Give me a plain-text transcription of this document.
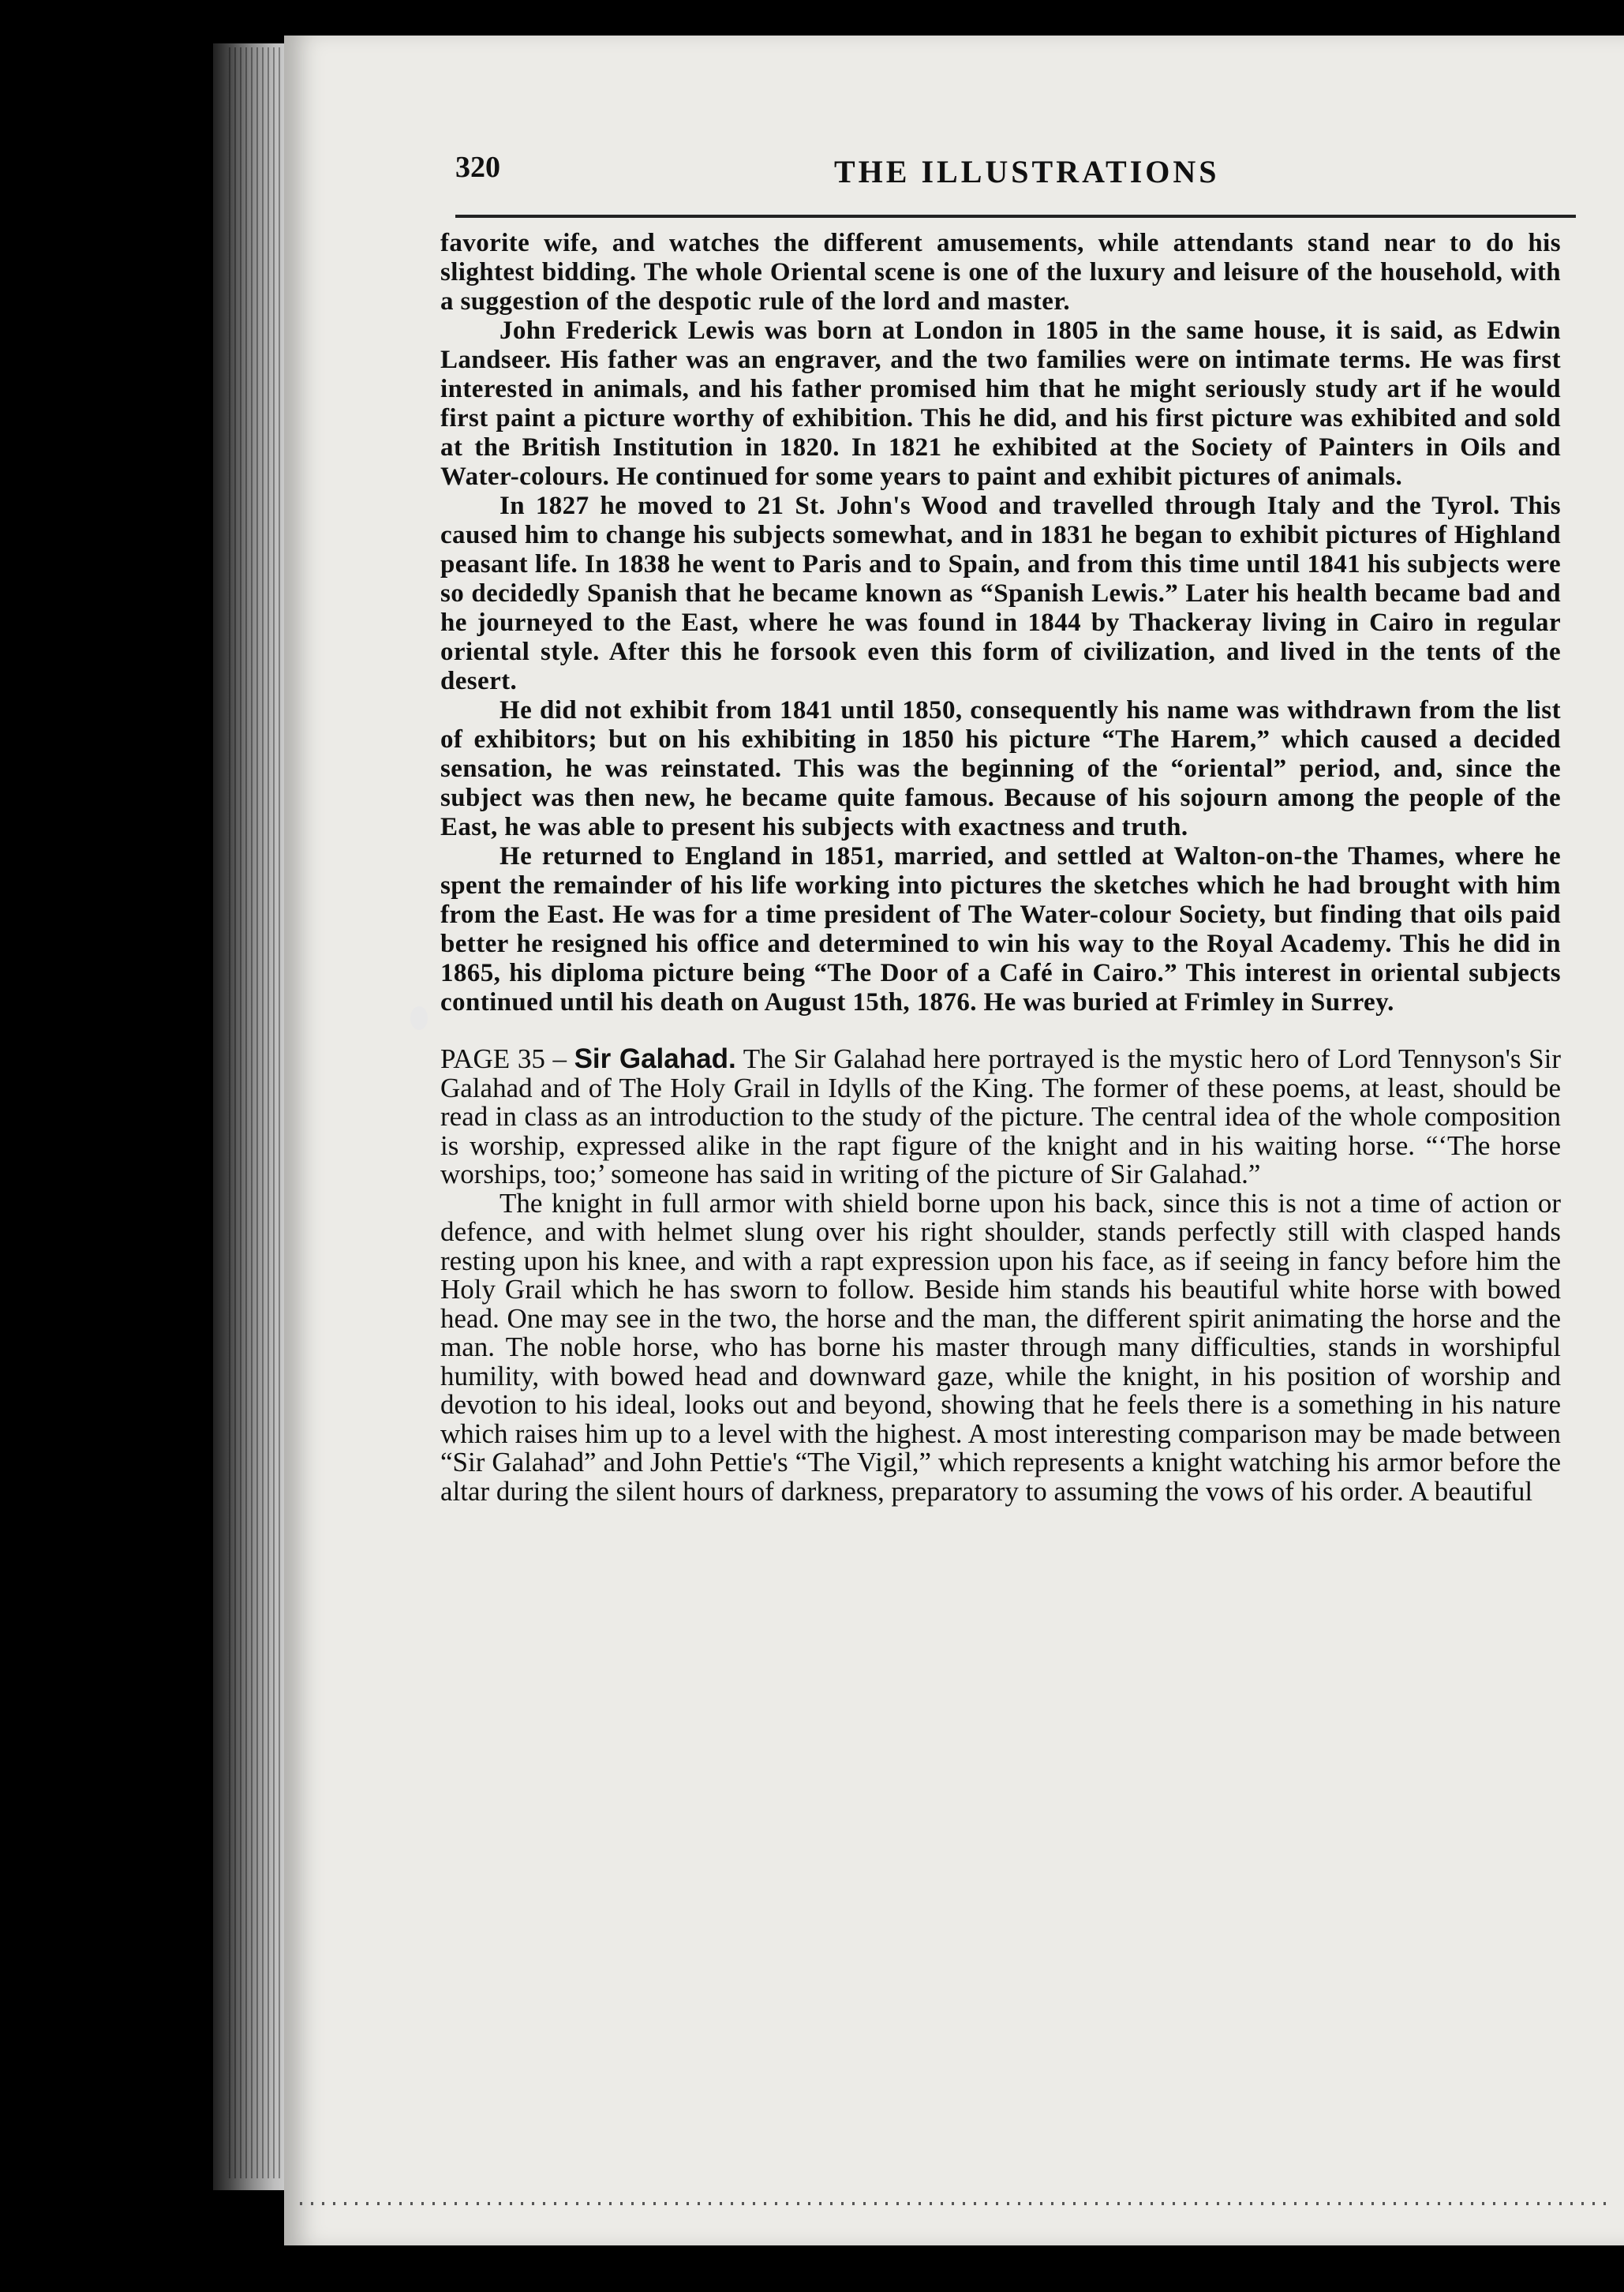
320	THE ILLUSTRATIONS

favorite wife, and watches the different amusements, while attendants stand near to do his slightest bidding. The whole Oriental scene is one of the luxury and leisure of the household, with a suggestion of the despotic rule of the lord and master.

John Frederick Lewis was born at London in 1805 in the same house, it is said, as Edwin Landseer. His father was an engraver, and the two families were on intimate terms. He was first interested in animals, and his father promised him that he might seriously study art if he would first paint a picture worthy of exhibition. This he did, and his first picture was exhibited and sold at the British Institution in 1820. In 1821 he exhibited at the Society of Painters in Oils and Water-colours. He continued for some years to paint and exhibit pictures of animals.

In 1827 he moved to 21 St. John's Wood and travelled through Italy and the Tyrol. This caused him to change his subjects somewhat, and in 1831 he began to exhibit pictures of Highland peasant life. In 1838 he went to Paris and to Spain, and from this time until 1841 his subjects were so decidedly Spanish that he became known as “Spanish Lewis.” Later his health became bad and he journeyed to the East, where he was found in 1844 by Thackeray living in Cairo in regular oriental style. After this he forsook even this form of civilization, and lived in the tents of the desert.

He did not exhibit from 1841 until 1850, consequently his name was withdrawn from the list of exhibitors; but on his exhibiting in 1850 his picture “The Harem,” which caused a decided sensation, he was reinstated. This was the beginning of the “oriental” period, and, since the subject was then new, he became quite famous. Because of his sojourn among the people of the East, he was able to present his subjects with exactness and truth.

He returned to England in 1851, married, and settled at Walton-on-the Thames, where he spent the remainder of his life working into pictures the sketches which he had brought with him from the East. He was for a time president of The Water-colour Society, but finding that oils paid better he resigned his office and determined to win his way to the Royal Academy. This he did in 1865, his diploma picture being “The Door of a Café in Cairo.” This interest in oriental subjects continued until his death on August 15th, 1876. He was buried at Frimley in Surrey.

PAGE 35 – Sir Galahad. The Sir Galahad here portrayed is the mystic hero of Lord Tennyson's Sir Galahad and of The Holy Grail in Idylls of the King. The former of these poems, at least, should be read in class as an introduction to the study of the picture. The central idea of the whole composition is worship, expressed alike in the rapt figure of the knight and in his waiting horse. “‘The horse worships, too;’ someone has said in writing of the picture of Sir Galahad.”

The knight in full armor with shield borne upon his back, since this is not a time of action or defence, and with helmet slung over his right shoulder, stands perfectly still with clasped hands resting upon his knee, and with a rapt expression upon his face, as if seeing in fancy before him the Holy Grail which he has sworn to follow. Beside him stands his beautiful white horse with bowed head. One may see in the two, the horse and the man, the different spirit animating the horse and the man. The noble horse, who has borne his master through many difficulties, stands in worshipful humility, with bowed head and downward gaze, while the knight, in his position of worship and devotion to his ideal, looks out and beyond, showing that he feels there is a something in his nature which raises him up to a level with the highest. A most interesting comparison may be made between “Sir Galahad” and John Pettie's “The Vigil,” which represents a knight watching his armor before the altar during the silent hours of darkness, preparatory to assuming the vows of his order. A beautiful
